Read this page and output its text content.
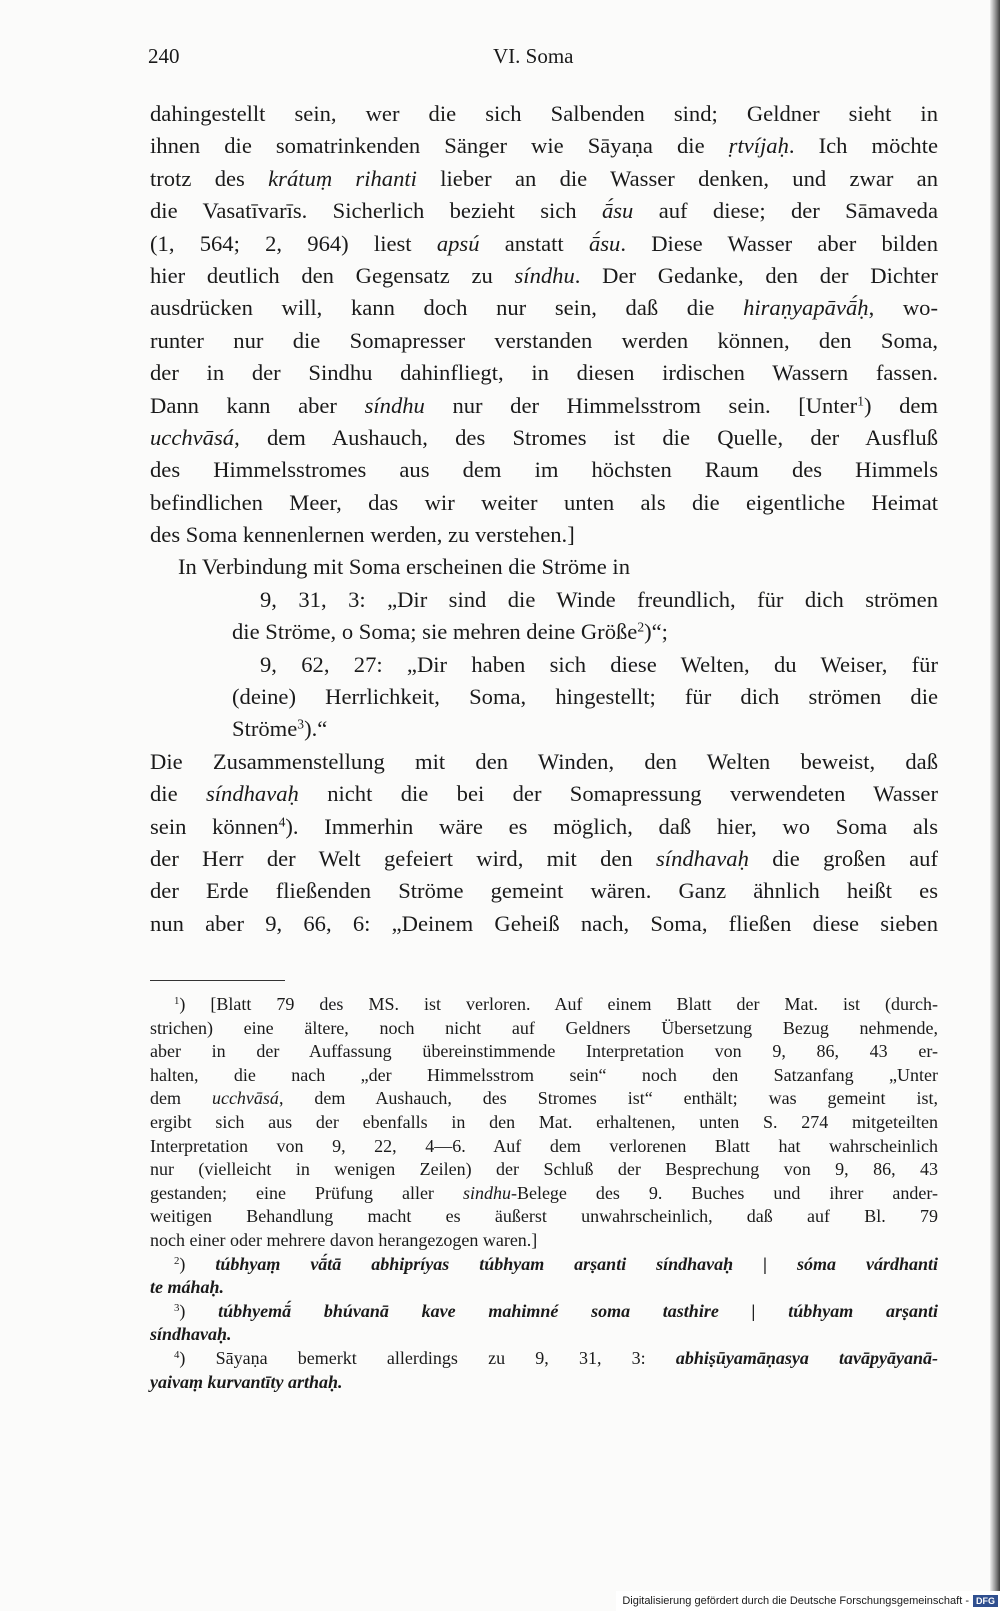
240	VI. Soma
dahingestellt sein, wer die sich Salbenden sind; Geldner sieht in
ihnen die somatrinkenden Sänger wie Sāyaṇa die ṛtvíjaḥ. Ich möchte
trotz des krátuṃ rihanti lieber an die Wasser denken, und zwar an
die Vasatīvarīs. Sicherlich bezieht sich ā́su auf diese; der Sāmaveda
(1, 564; 2, 964) liest apsú anstatt ā́su. Diese Wasser aber bilden
hier deutlich den Gegensatz zu síndhu. Der Gedanke, den der Dichter
ausdrücken will, kann doch nur sein, daß die hiraṇyapāvā́ḥ, wo-
runter nur die Somapresser verstanden werden können, den Soma,
der in der Sindhu dahinfliegt, in diesen irdischen Wassern fassen.
Dann kann aber síndhu nur der Himmelsstrom sein. [Unter$^1$) dem
ucchvāsá, dem Aushauch, des Stromes ist die Quelle, der Ausfluß
des Himmelsstromes aus dem im höchsten Raum des Himmels
befindlichen Meer, das wir weiter unten als die eigentliche Heimat
des Soma kennenlernen werden, zu verstehen.]
In Verbindung mit Soma erscheinen die Ströme in
9, 31, 3: „Dir sind die Winde freundlich, für dich strömen
die Ströme, o Soma; sie mehren deine Größe$^2$)“;
9, 62, 27: „Dir haben sich diese Welten, du Weiser, für
(deine) Herrlichkeit, Soma, hingestellt; für dich strömen die
Ströme$^3$).“
Die Zusammenstellung mit den Winden, den Welten beweist, daß
die síndhavaḥ nicht die bei der Somapressung verwendeten Wasser
sein können$^4$). Immerhin wäre es möglich, daß hier, wo Soma als
der Herr der Welt gefeiert wird, mit den síndhavaḥ die großen auf
der Erde fließenden Ströme gemeint wären. Ganz ähnlich heißt es
nun aber 9, 66, 6: „Deinem Geheiß nach, Soma, fließen diese sieben
$^1$) [Blatt 79 des MS. ist verloren. Auf einem Blatt der Mat. ist (durch-
strichen) eine ältere, noch nicht auf Geldners Übersetzung Bezug nehmende,
aber in der Auffassung übereinstimmende Interpretation von 9, 86, 43 er-
halten, die nach „der Himmelsstrom sein“ noch den Satzanfang „Unter
dem ucchvāsá, dem Aushauch, des Stromes ist“ enthält; was gemeint ist,
ergibt sich aus der ebenfalls in den Mat. erhaltenen, unten S. 274 mitgeteilten
Interpretation von 9, 22, 4—6. Auf dem verlorenen Blatt hat wahrscheinlich
nur (vielleicht in wenigen Zeilen) der Schluß der Besprechung von 9, 86, 43
gestanden; eine Prüfung aller sindhu-Belege des 9. Buches und ihrer ander-
weitigen Behandlung macht es äußerst unwahrscheinlich, daß auf Bl. 79
noch einer oder mehrere davon herangezogen waren.]
$^2$) túbhyaṃ vā́tā abhipríyas túbhyam arṣanti síndhavaḥ | sóma várdhanti
te máhaḥ.
$^3$) túbhyemā́ bhúvanā kave mahimné soma tasthire | túbhyam arṣanti
síndhavaḥ.
$^4$) Sāyaṇa bemerkt allerdings zu 9, 31, 3: abhiṣūyamāṇasya tavāpyāyanā-
yaivaṃ kurvantīty arthaḥ.
Digitalisierung gefördert durch die Deutsche Forschungsgemeinschaft - DFG
